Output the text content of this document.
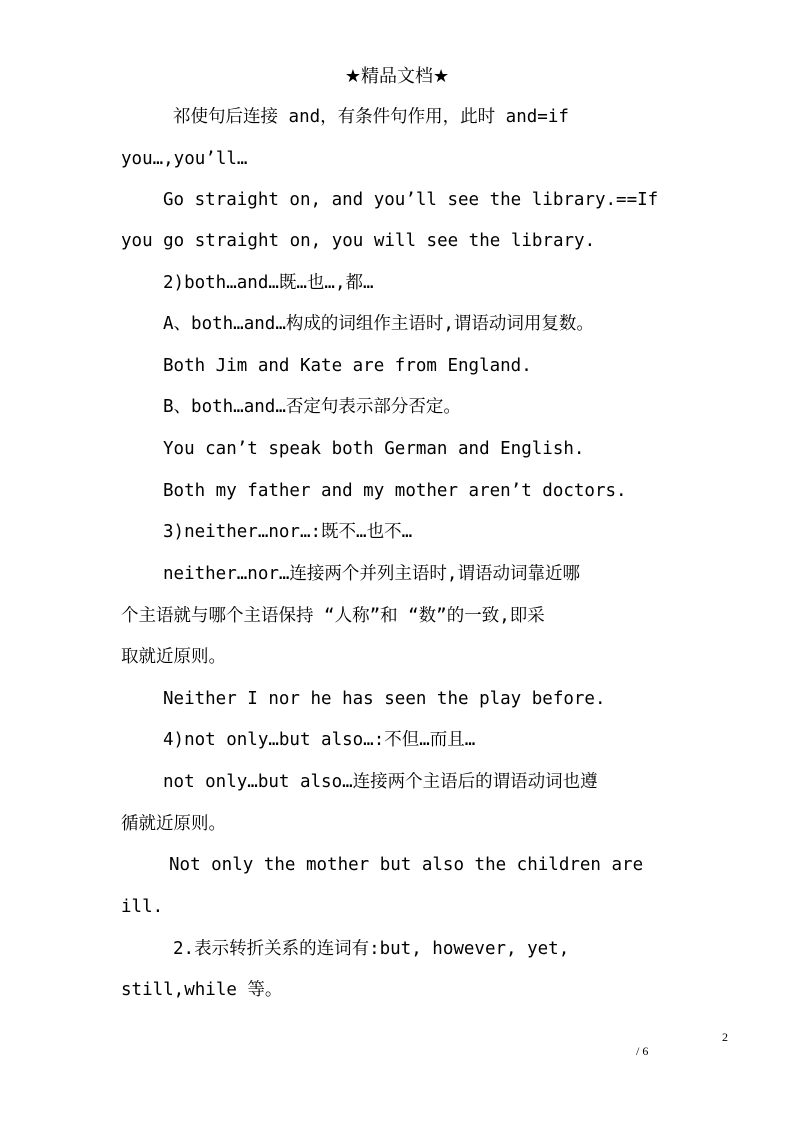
★精品文档★
祁使句后连接 and，有条件句作用，此时 and=if
you…,you’ll…
Go straight on, and you’ll see the library.==If
you go straight on, you will see the library.
2)both…and…既…也…,都…
A、both…and…构成的词组作主语时,谓语动词用复数。
Both Jim and Kate are from England.
B、both…and…否定句表示部分否定。
You can’t speak both German and English.
Both my father and my mother aren’t doctors.
3)neither…nor…:既不…也不…
neither…nor…连接两个并列主语时,谓语动词靠近哪
个主语就与哪个主语保持 “人称”和 “数”的一致,即采
取就近原则。
Neither I nor he has seen the play before.
4)not only…but also…:不但…而且…
not only…but also…连接两个主语后的谓语动词也遵
循就近原则。
Not only the mother but also the children are
ill.
2.表示转折关系的连词有:but, however, yet,
still,while 等。
2
/ 6
